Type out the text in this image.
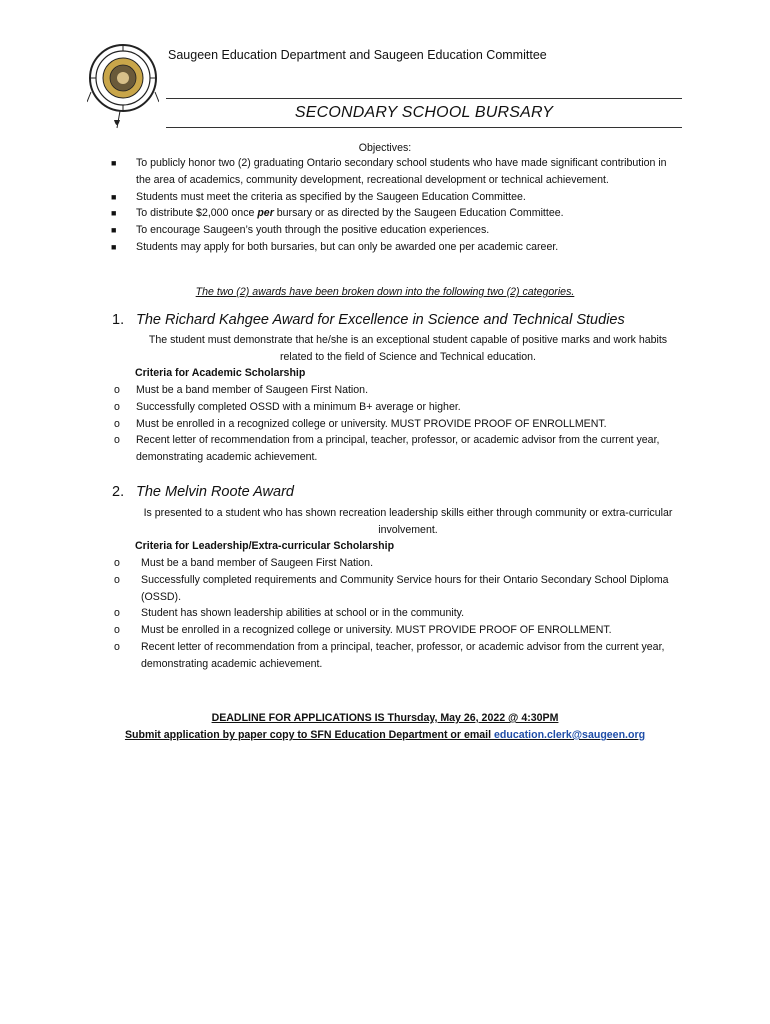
Saugeen Education Department and Saugeen Education Committee
SECONDARY SCHOOL BURSARY
Objectives:
■ To publicly honor two (2) graduating Ontario secondary school students who have made significant contribution in the area of academics, community development, recreational development or technical achievement.
■ Students must meet the criteria as specified by the Saugeen Education Committee.
■ To distribute $2,000 once per bursary or as directed by the Saugeen Education Committee.
■ To encourage Saugeen’s youth through the positive education experiences.
■ Students may apply for both bursaries, but can only be awarded one per academic career.
The two (2) awards have been broken down into the following two (2) categories.
1. The Richard Kahgee Award for Excellence in Science and Technical Studies
The student must demonstrate that he/she is an exceptional student capable of positive marks and work habits related to the field of Science and Technical education.
Criteria for Academic Scholarship
o Must be a band member of Saugeen First Nation.
o Successfully completed OSSD with a minimum B+ average or higher.
o Must be enrolled in a recognized college or university. MUST PROVIDE PROOF OF ENROLLMENT.
o Recent letter of recommendation from a principal, teacher, professor, or academic advisor from the current year, demonstrating academic achievement.
2. The Melvin Roote Award
Is presented to a student who has shown recreation leadership skills either through community or extra-curricular involvement.
Criteria for Leadership/Extra-curricular Scholarship
o Must be a band member of Saugeen First Nation.
o Successfully completed requirements and Community Service hours for their Ontario Secondary School Diploma (OSSD).
o Student has shown leadership abilities at school or in the community.
o Must be enrolled in a recognized college or university. MUST PROVIDE PROOF OF ENROLLMENT.
o Recent letter of recommendation from a principal, teacher, professor, or academic advisor from the current year, demonstrating academic achievement.
DEADLINE FOR APPLICATIONS IS Thursday, May 26, 2022 @ 4:30PM
Submit application by paper copy to SFN Education Department or email education.clerk@saugeen.org
